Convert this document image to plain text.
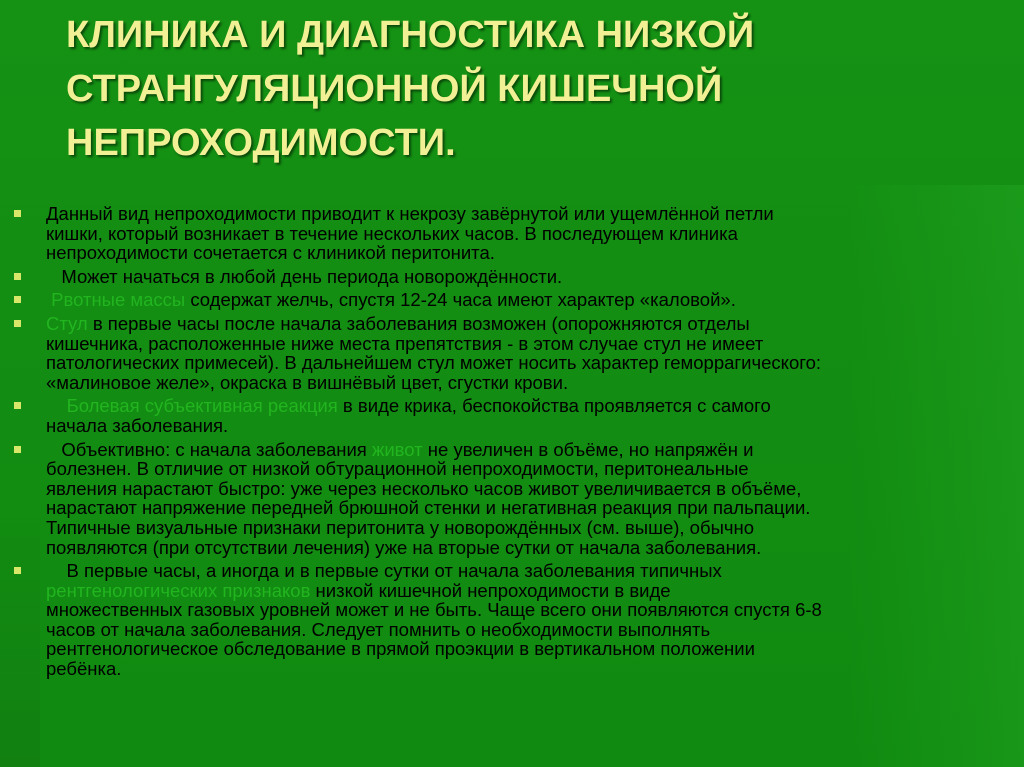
КЛИНИКА И ДИАГНОСТИКА НИЗКОЙ
СТРАНГУЛЯЦИОННОЙ КИШЕЧНОЙ
НЕПРОХОДИМОСТИ.
Данный вид непроходимости приводит к некрозу завёрнутой или ущемлённой петли
кишки, который возникает в течение нескольких часов. В последующем клиника
непроходимости сочетается с клиникой перитонита.
Может начаться в любой день периода новорождённости.
Рвотные массы содержат желчь, спустя 12-24 часа имеют характер «каловой».
Стул в первые часы после начала заболевания возможен (опорожняются отделы
кишечника, расположенные ниже места препятствия - в этом случае стул не имеет
патологических примесей). В дальнейшем стул может носить характер геморрагического:
«малиновое желе», окраска в вишнёвый цвет, сгустки крови.
Болевая субъективная реакция в виде крика, беспокойства проявляется с самого
начала заболевания.
Объективно: с начала заболевания живот не увеличен в объёме, но напряжён и
болезнен. В отличие от низкой обтурационной непроходимости, перитонеальные
явления нарастают быстро: уже через несколько часов живот увеличивается в объёме,
нарастают напряжение передней брюшной стенки и негативная реакция при пальпации.
Типичные визуальные признаки перитонита у новорождённых (см. выше), обычно
появляются (при отсутствии лечения) уже на вторые сутки от начала заболевания.
В первые часы, а иногда и в первые сутки от начала заболевания типичных
рентгенологических признаков низкой кишечной непроходимости в виде
множественных газовых уровней может и не быть. Чаще всего они появляются спустя 6-8
часов от начала заболевания. Следует помнить о необходимости выполнять
рентгенологическое обследование в прямой проэкции в вертикальном положении
ребёнка.
